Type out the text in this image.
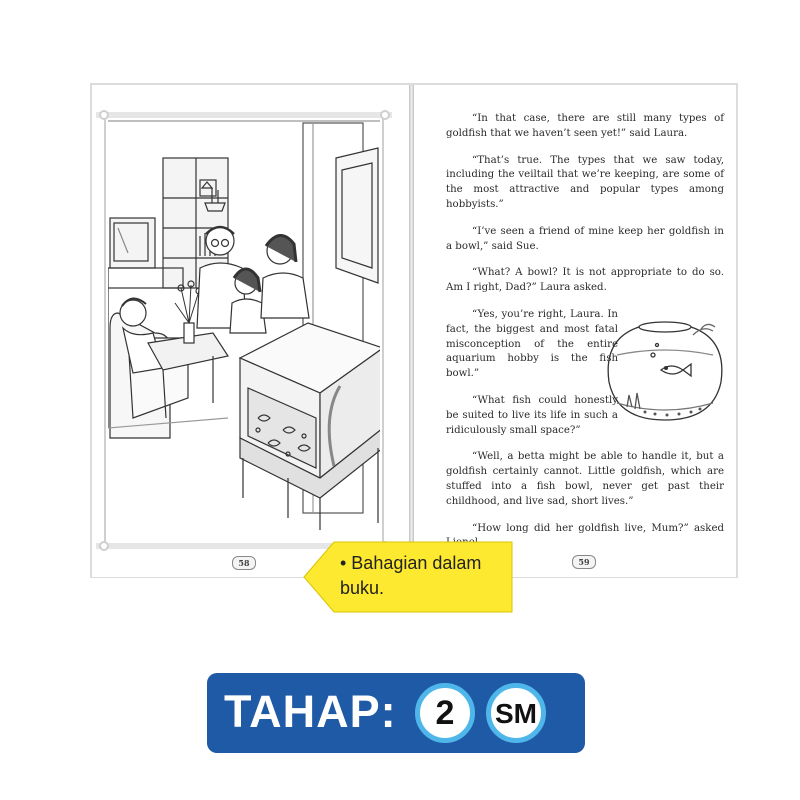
58	59

“In that case, there are still many types of goldfish that we haven’t seen yet!” said Laura.

“That’s true. The types that we saw today, including the veiltail that we’re keeping, are some of the most attractive and popular types among hobbyists.”

“I’ve seen a friend of mine keep her goldfish in a bowl,” said Sue.

“What? A bowl? It is not appropriate to do so. Am I right, Dad?” Laura asked.

“Yes, you’re right, Laura. In fact, the biggest and most fatal misconception of the entire aquarium hobby is the fish bowl.”

“What fish could honestly be suited to live its life in such a ridiculously small space?”

“Well, a betta might be able to handle it, but a goldfish certainly cannot. Little goldfish, which are stuffed into a fish bowl, never get past their childhood, and live sad, short lives.”

“How long did her goldfish live, Mum?” asked

• Bahagian dalam buku.
TAHAP:	2	SM
